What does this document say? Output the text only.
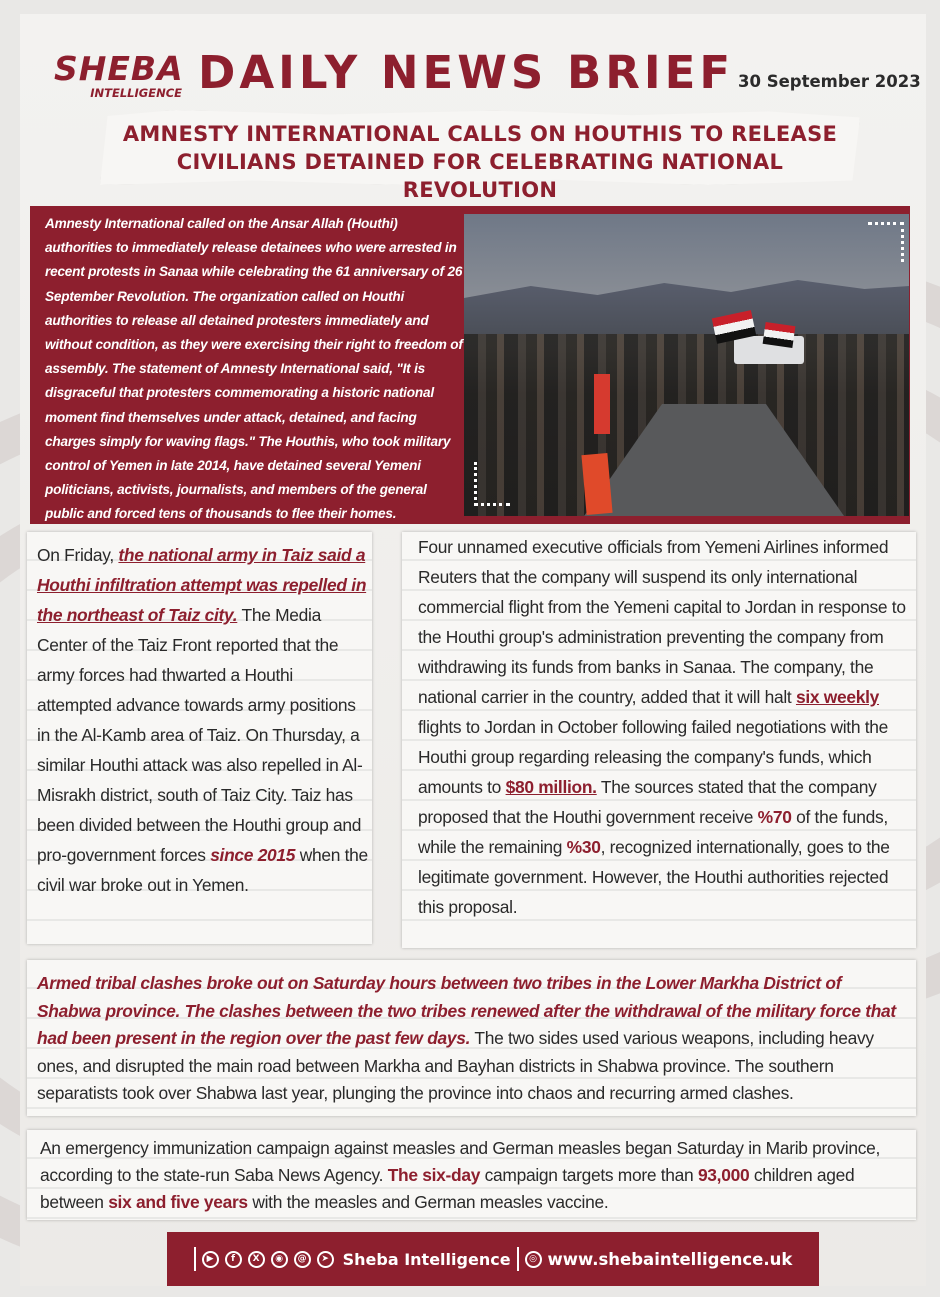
SHEBA
INTELLIGENCE DAILY NEWS BRIEF 30 September 2023
AMNESTY INTERNATIONAL CALLS ON HOUTHIS TO RELEASE
CIVILIANS DETAINED FOR CELEBRATING NATIONAL REVOLUTION
Amnesty International called on the Ansar Allah (Houthi) authorities to immediately release detainees who were arrested in recent protests in Sanaa while celebrating the 61 anniversary of 26 September Revolution. The organization called on Houthi authorities to release all detained protesters immediately and without condition, as they were exercising their right to freedom of assembly. The statement of Amnesty International said, "It is disgraceful that protesters commemorating a historic national moment find themselves under attack, detained, and facing charges simply for waving flags." The Houthis, who took military control of Yemen in late 2014, have detained several Yemeni politicians, activists, journalists, and members of the general public and forced tens of thousands to flee their homes.
On Friday, the national army in Taiz said a Houthi infiltration attempt was repelled in the northeast of Taiz city. The Media Center of the Taiz Front reported that the army forces had thwarted a Houthi attempted advance towards army positions in the Al-Kamb area of Taiz. On Thursday, a similar Houthi attack was also repelled in Al-Misrakh district, south of Taiz City. Taiz has been divided between the Houthi group and pro-government forces since 2015 when the civil war broke out in Yemen.
Four unnamed executive officials from Yemeni Airlines informed Reuters that the company will suspend its only international commercial flight from the Yemeni capital to Jordan in response to the Houthi group's administration preventing the company from withdrawing its funds from banks in Sanaa. The company, the national carrier in the country, added that it will halt six weekly flights to Jordan in October following failed negotiations with the Houthi group regarding releasing the company's funds, which amounts to $80 million. The sources stated that the company proposed that the Houthi government receive %70 of the funds, while the remaining %30, recognized internationally, goes to the legitimate government. However, the Houthi authorities rejected this proposal.
Armed tribal clashes broke out on Saturday hours between two tribes in the Lower Markha District of Shabwa province. The clashes between the two tribes renewed after the withdrawal of the military force that had been present in the region over the past few days. The two sides used various weapons, including heavy ones, and disrupted the main road between Markha and Bayhan districts in Shabwa province. The southern separatists took over Shabwa last year, plunging the province into chaos and recurring armed clashes.
An emergency immunization campaign against measles and German measles began Saturday in Marib province, according to the state-run Saba News Agency. The six-day campaign targets more than 93,000 children aged between six and five years with the measles and German measles vaccine.
▶	f	X	◉	@	➤ Sheba Intelligence	◎ www.shebaintelligence.uk
